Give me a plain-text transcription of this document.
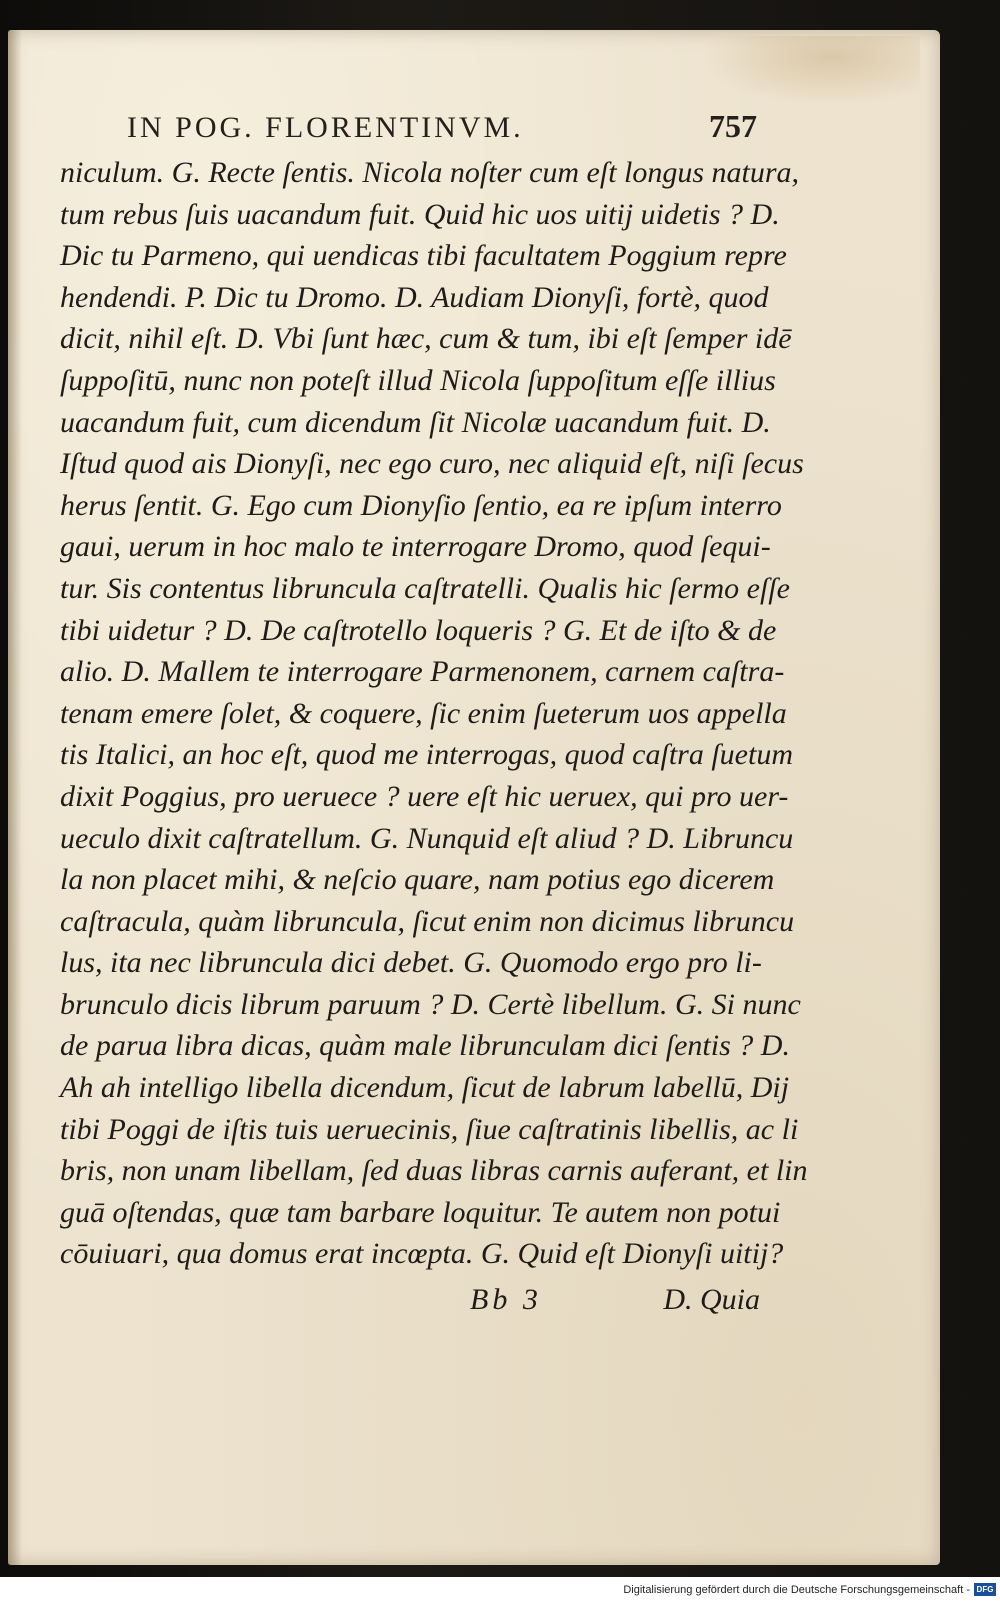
IN POG. FLORENTINVM.	757
niculum. G. Recte ſentis. Nicola noſter cum eſt longus natura,
tum rebus ſuis uacandum fuit. Quid hic uos uitij uidetis ? D.
Dic tu Parmeno, qui uendicas tibi facultatem Poggium repre
hendendi. P. Dic tu Dromo. D. Audiam Dionyſi, fortè, quod
dicit, nihil eſt. D. Vbi ſunt hæc, cum & tum, ibi eſt ſemper idē
ſuppoſitū, nunc non poteſt illud Nicola ſuppoſitum eſſe illius
uacandum fuit, cum dicendum ſit Nicolæ uacandum fuit. D.
Iſtud quod ais Dionyſi, nec ego curo, nec aliquid eſt, niſi ſecus
herus ſentit. G. Ego cum Dionyſio ſentio, ea re ipſum interro
gaui, uerum in hoc malo te interrogare Dromo, quod ſequi-
tur. Sis contentus librunculа caſtratelli. Qualis hic ſermo eſſe
tibi uidetur ? D. De caſtrotello loqueris ? G. Et de iſto & de
alio. D. Mallem te interrogare Parmenonem, carnem caſtra-
tenam emere ſolet, & coquere, ſic enim ſueterum uos appella
tis Italici, an hoc eſt, quod me interrogas, quod caſtra ſuetum
dixit Poggius, pro ueruece ? uere eſt hic ueruex, qui pro uer-
ueculo dixit caſtratellum. G. Nunquid eſt aliud ? D. Libruncu
la non placet mihi, & neſcio quare, nam potius ego dicerem
caſtracula, quàm librunculа, ſicut enim non dicimus libruncu
lus, ita nec librunculа dici debet. G. Quomodo ergo pro li-
brunculo dicis librum paruum ? D. Certè libellum. G. Si nunc
de parua libra dicas, quàm male librunculam dici ſentis ? D.
Ah ah intelligo libella dicendum, ſicut de labrum labellū, Dij
tibi Poggi de iſtis tuis ueruecinis, ſiue caſtratinis libellis, ac li
bris, non unam libellam, ſed duas libras carnis auferant, et lin
guā oſtendas, quæ tam barbare loquitur. Te autem non potui
cōuiuari, qua domus erat incœpta. G. Quid eſt Dionyſi uitij?
Bb 3	D. Quia
Digitalisierung gefördert durch die Deutsche Forschungsgemeinschaft - DFG
